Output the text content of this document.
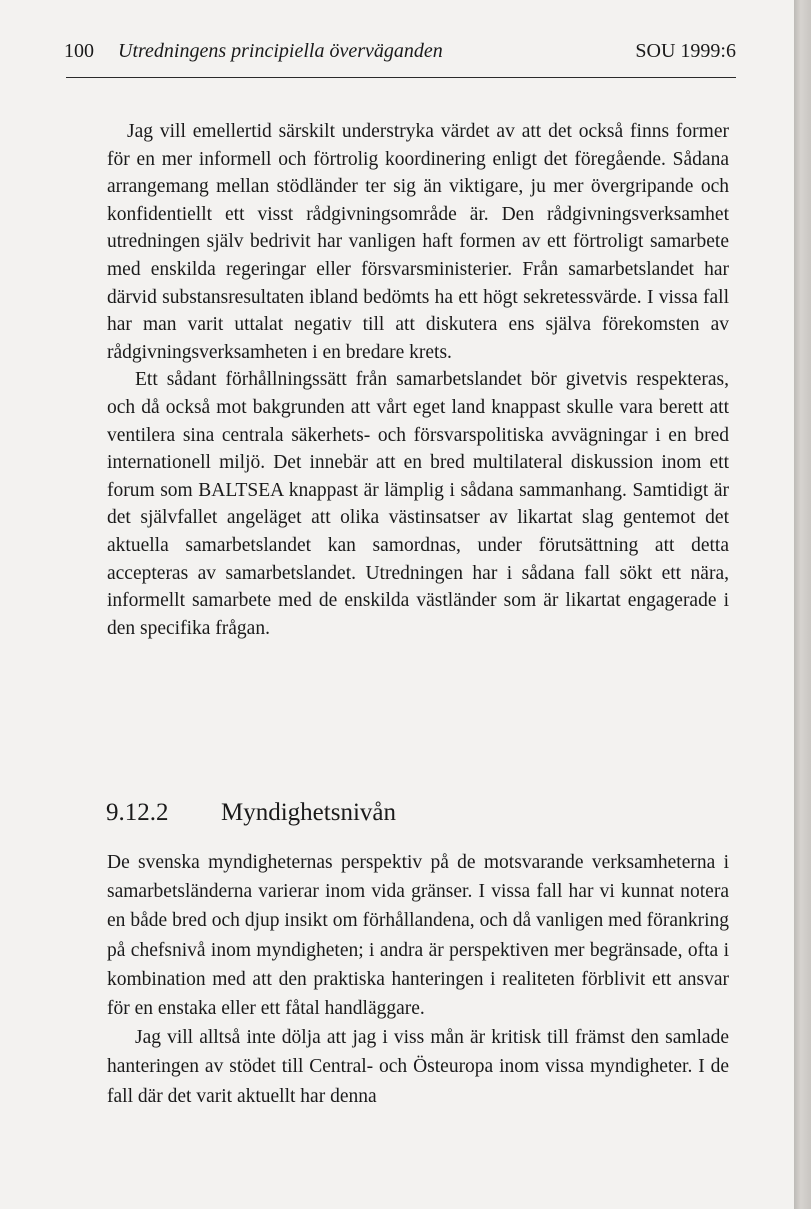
100 Utredningens principiella överväganden	SOU 1999:6

Jag vill emellertid särskilt understryka värdet av att det också finns former för en mer informell och förtrolig koordinering enligt det föregående. Sådana arrangemang mellan stödländer ter sig än viktigare, ju mer övergripande och konfidentiellt ett visst rådgivningsområde är. Den rådgivningsverksamhet utredningen själv bedrivit har vanligen haft formen av ett förtroligt samarbete med enskilda regeringar eller försvarsministerier. Från samarbetslandet har därvid substansresultaten ibland bedömts ha ett högt sekretessvärde. I vissa fall har man varit uttalat negativ till att diskutera ens själva förekomsten av rådgivningsverksamheten i en bredare krets.

Ett sådant förhållningssätt från samarbetslandet bör givetvis respekteras, och då också mot bakgrunden att vårt eget land knappast skulle vara berett att ventilera sina centrala säkerhets- och försvarspolitiska avvägningar i en bred internationell miljö. Det innebär att en bred multilateral diskussion inom ett forum som BALTSEA knappast är lämplig i sådana sammanhang. Samtidigt är det självfallet angeläget att olika västinsatser av likartat slag gentemot det aktuella samarbetslandet kan samordnas, under förutsättning att detta accepteras av samarbetslandet. Utredningen har i sådana fall sökt ett nära, informellt samarbete med de enskilda västländer som är likartat engagerade i den specifika frågan.

9.12.2 Myndighetsnivån

De svenska myndigheternas perspektiv på de motsvarande verksamheterna i samarbetsländerna varierar inom vida gränser. I vissa fall har vi kunnat notera en både bred och djup insikt om förhållandena, och då vanligen med förankring på chefsnivå inom myndigheten; i andra är perspektiven mer begränsade, ofta i kombination med att den praktiska hanteringen i realiteten förblivit ett ansvar för en enstaka eller ett fåtal handläggare.

Jag vill alltså inte dölja att jag i viss mån är kritisk till främst den samlade hanteringen av stödet till Central- och Östeuropa inom vissa myndigheter. I de fall där det varit aktuellt har denna
